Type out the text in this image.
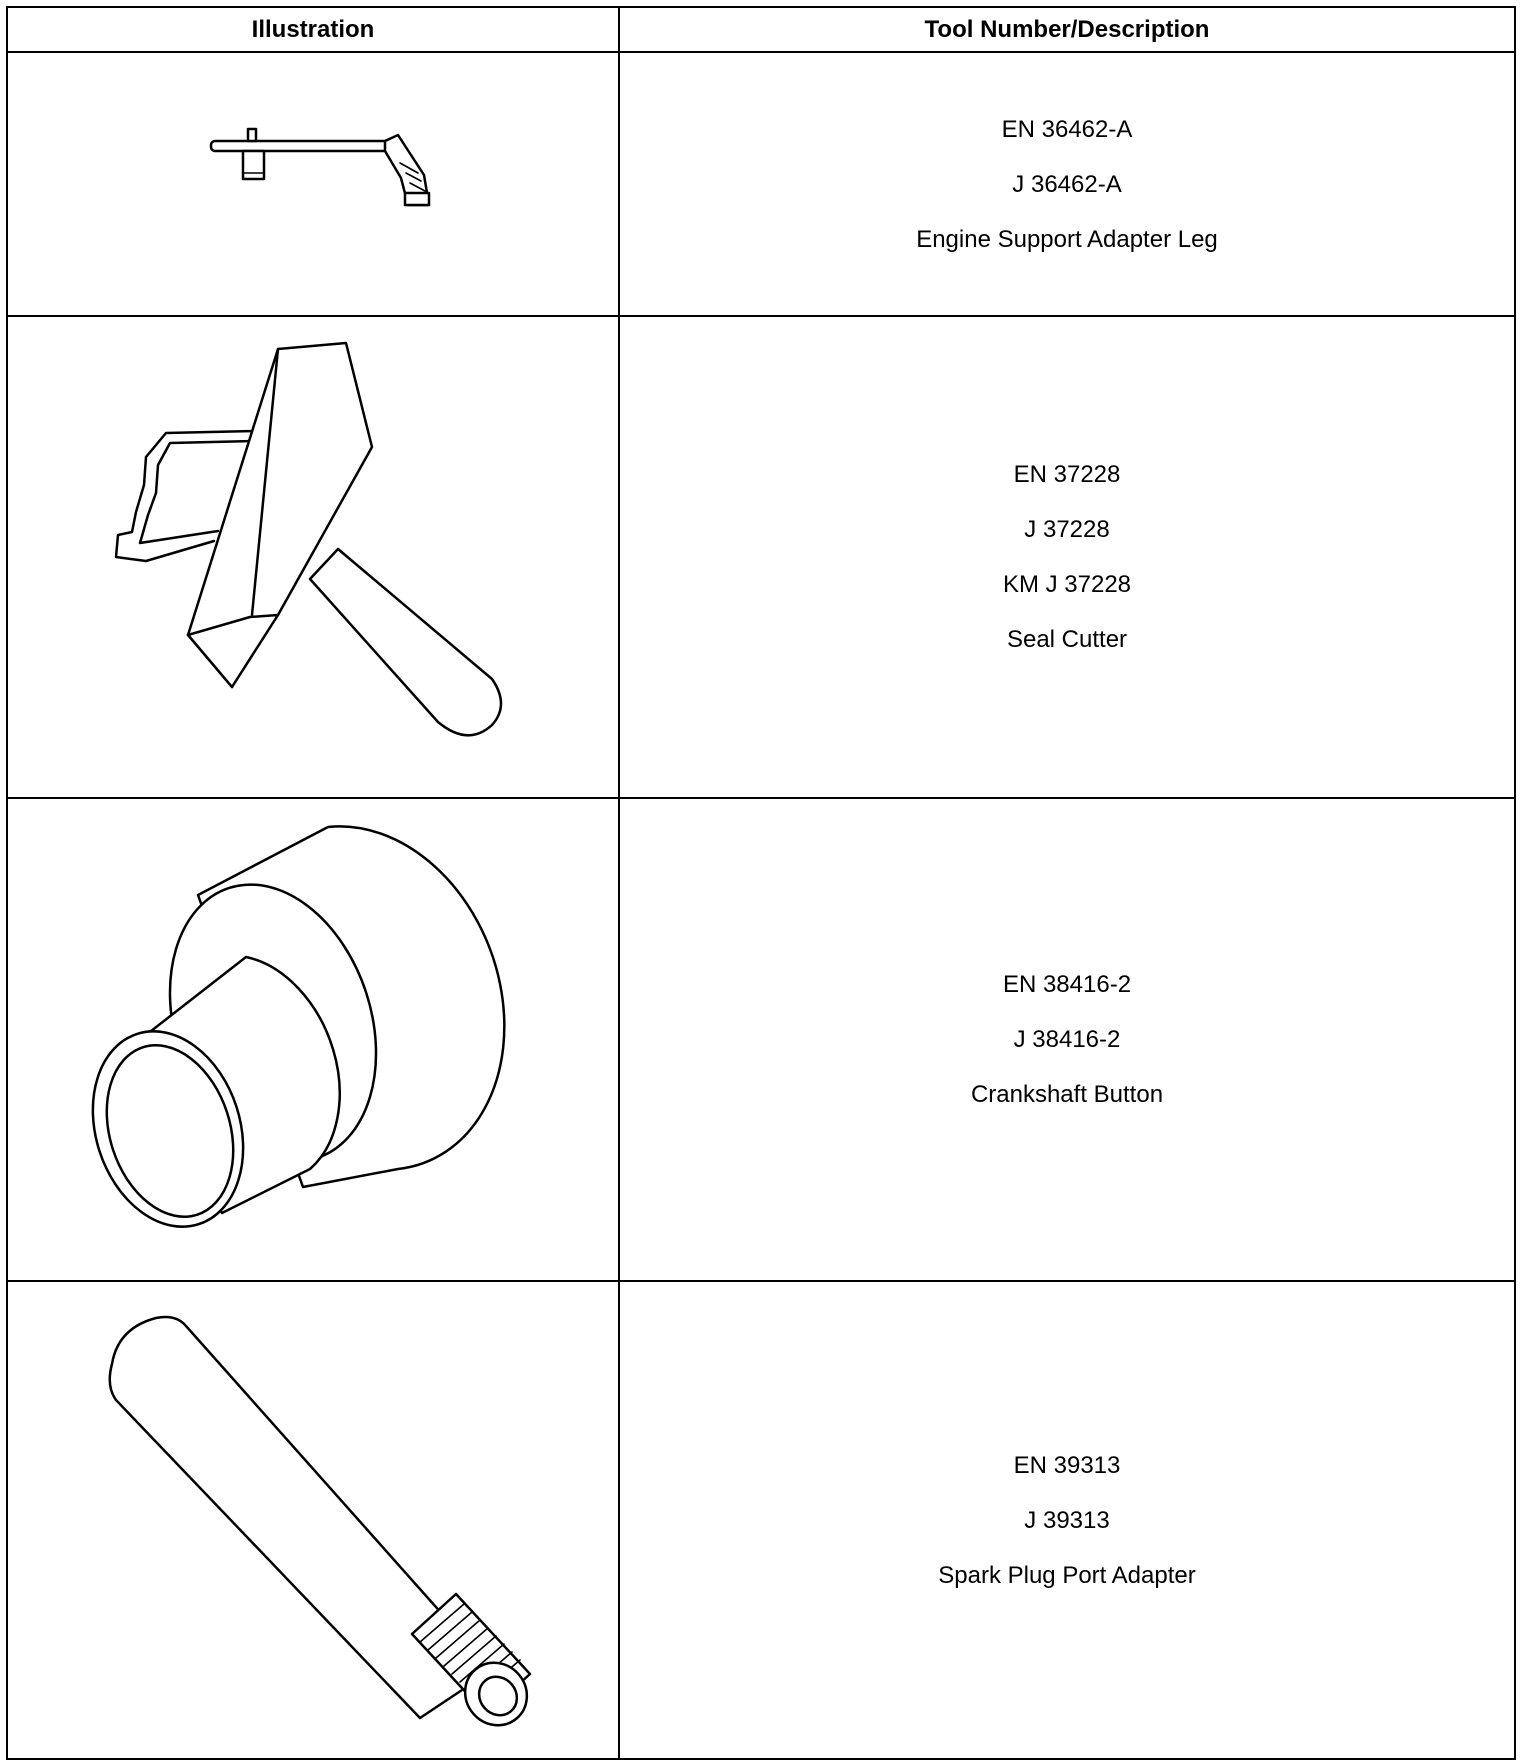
Illustration	Tool Number/Description

EN 36462-A
J 36462-A
Engine Support Adapter Leg

EN 37228
J 37228
KM J 37228
Seal Cutter

EN 38416-2
J 38416-2
Crankshaft Button

EN 39313
J 39313
Spark Plug Port Adapter
